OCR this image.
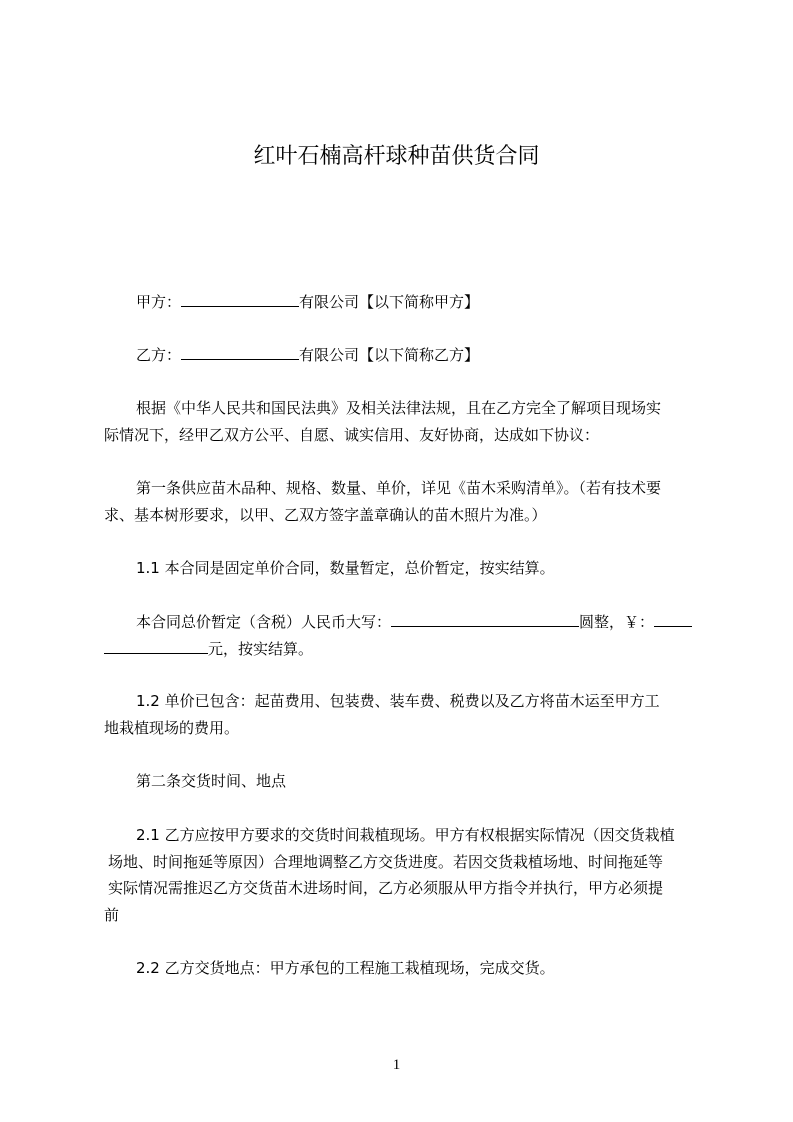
红叶石楠高杆球种苗供货合同
甲方：	有限公司【以下简称甲方】
乙方：	有限公司【以下简称乙方】
根据《中华人民共和国民法典》及相关法律法规，且在乙方完全了解项目现场实
际情况下，经甲乙双方公平、自愿、诚实信用、友好协商，达成如下协议：
第一条供应苗木品种、规格、数量、单价，详见《苗木采购清单》。（若有技术要
求、基本树形要求，以甲、乙双方签字盖章确认的苗木照片为准。）
1.1 本合同是固定单价合同，数量暂定，总价暂定，按实结算。
本合同总价暂定（含税）人民币大写：	圆整，￥：
元，按实结算。
1.2 单价已包含：起苗费用、包装费、装车费、税费以及乙方将苗木运至甲方工
地栽植现场的费用。
第二条交货时间、地点
2.1 乙方应按甲方要求的交货时间栽植现场。甲方有权根据实际情况（因交货栽植
场地、时间拖延等原因）合理地调整乙方交货进度。若因交货栽植场地、时间拖延等
实际情况需推迟乙方交货苗木进场时间，乙方必须服从甲方指令并执行，甲方必须提
前
2.2 乙方交货地点：甲方承包的工程施工栽植现场，完成交货。
1
